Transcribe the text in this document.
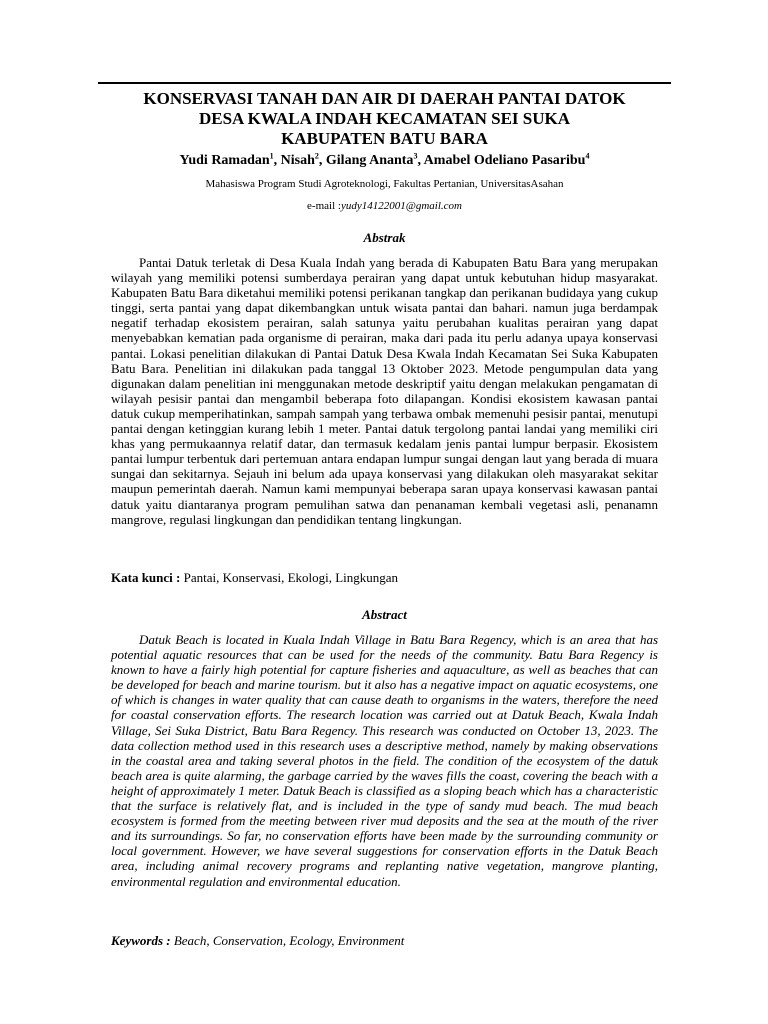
KONSERVASI TANAH DAN AIR DI DAERAH PANTAI DATOK
DESA KWALA INDAH KECAMATAN SEI SUKA
KABUPATEN BATU BARA
Yudi Ramadan$^1$, Nisah$^2$, Gilang Ananta$^3$, Amabel Odeliano Pasaribu$^4$
Mahasiswa Program Studi Agroteknologi, Fakultas Pertanian, UniversitasAsahan
e-mail :yudy14122001@gmail.com
Abstrak

Pantai Datuk terletak di Desa Kuala Indah yang berada di Kabupaten Batu Bara yang merupakan wilayah yang memiliki potensi sumberdaya perairan yang dapat untuk kebutuhan hidup masyarakat. Kabupaten Batu Bara diketahui memiliki potensi perikanan tangkap dan perikanan budidaya yang cukup tinggi, serta pantai yang dapat dikembangkan untuk wisata pantai dan bahari. namun juga berdampak negatif terhadap ekosistem perairan, salah satunya yaitu perubahan kualitas perairan yang dapat menyebabkan kematian pada organisme di perairan, maka dari pada itu perlu adanya upaya konservasi pantai. Lokasi penelitian dilakukan di Pantai Datuk Desa Kwala Indah Kecamatan Sei Suka Kabupaten Batu Bara. Penelitian ini dilakukan pada tanggal 13 Oktober 2023. Metode pengumpulan data yang digunakan dalam penelitian ini menggunakan metode deskriptif yaitu dengan melakukan pengamatan di wilayah pesisir pantai dan mengambil beberapa foto dilapangan. Kondisi ekosistem kawasan pantai datuk cukup memperihatinkan, sampah sampah yang terbawa ombak memenuhi pesisir pantai, menutupi pantai dengan ketinggian kurang lebih 1 meter. Pantai datuk tergolong pantai landai yang memiliki ciri khas yang permukaannya relatif datar, dan termasuk kedalam jenis pantai lumpur berpasir. Ekosistem pantai lumpur terbentuk dari pertemuan antara endapan lumpur sungai dengan laut yang berada di muara sungai dan sekitarnya. Sejauh ini belum ada upaya konservasi yang dilakukan oleh masyarakat sekitar maupun pemerintah daerah. Namun kami mempunyai beberapa saran upaya konservasi kawasan pantai datuk yaitu diantaranya program pemulihan satwa dan penanaman kembali vegetasi asli, penanamn mangrove, regulasi lingkungan dan pendidikan tentang lingkungan.

Kata kunci : Pantai, Konservasi, Ekologi, Lingkungan

Abstract

Datuk Beach is located in Kuala Indah Village in Batu Bara Regency, which is an area that has potential aquatic resources that can be used for the needs of the community. Batu Bara Regency is known to have a fairly high potential for capture fisheries and aquaculture, as well as beaches that can be developed for beach and marine tourism. but it also has a negative impact on aquatic ecosystems, one of which is changes in water quality that can cause death to organisms in the waters, therefore the need for coastal conservation efforts. The research location was carried out at Datuk Beach, Kwala Indah Village, Sei Suka District, Batu Bara Regency. This research was conducted on October 13, 2023. The data collection method used in this research uses a descriptive method, namely by making observations in the coastal area and taking several photos in the field. The condition of the ecosystem of the datuk beach area is quite alarming, the garbage carried by the waves fills the coast, covering the beach with a height of approximately 1 meter. Datuk Beach is classified as a sloping beach which has a characteristic that the surface is relatively flat, and is included in the type of sandy mud beach. The mud beach ecosystem is formed from the meeting between river mud deposits and the sea at the mouth of the river and its surroundings. So far, no conservation efforts have been made by the surrounding community or local government. However, we have several suggestions for conservation efforts in the Datuk Beach area, including animal recovery programs and replanting native vegetation, mangrove planting, environmental regulation and environmental education.

Keywords : Beach, Conservation, Ecology, Environment
